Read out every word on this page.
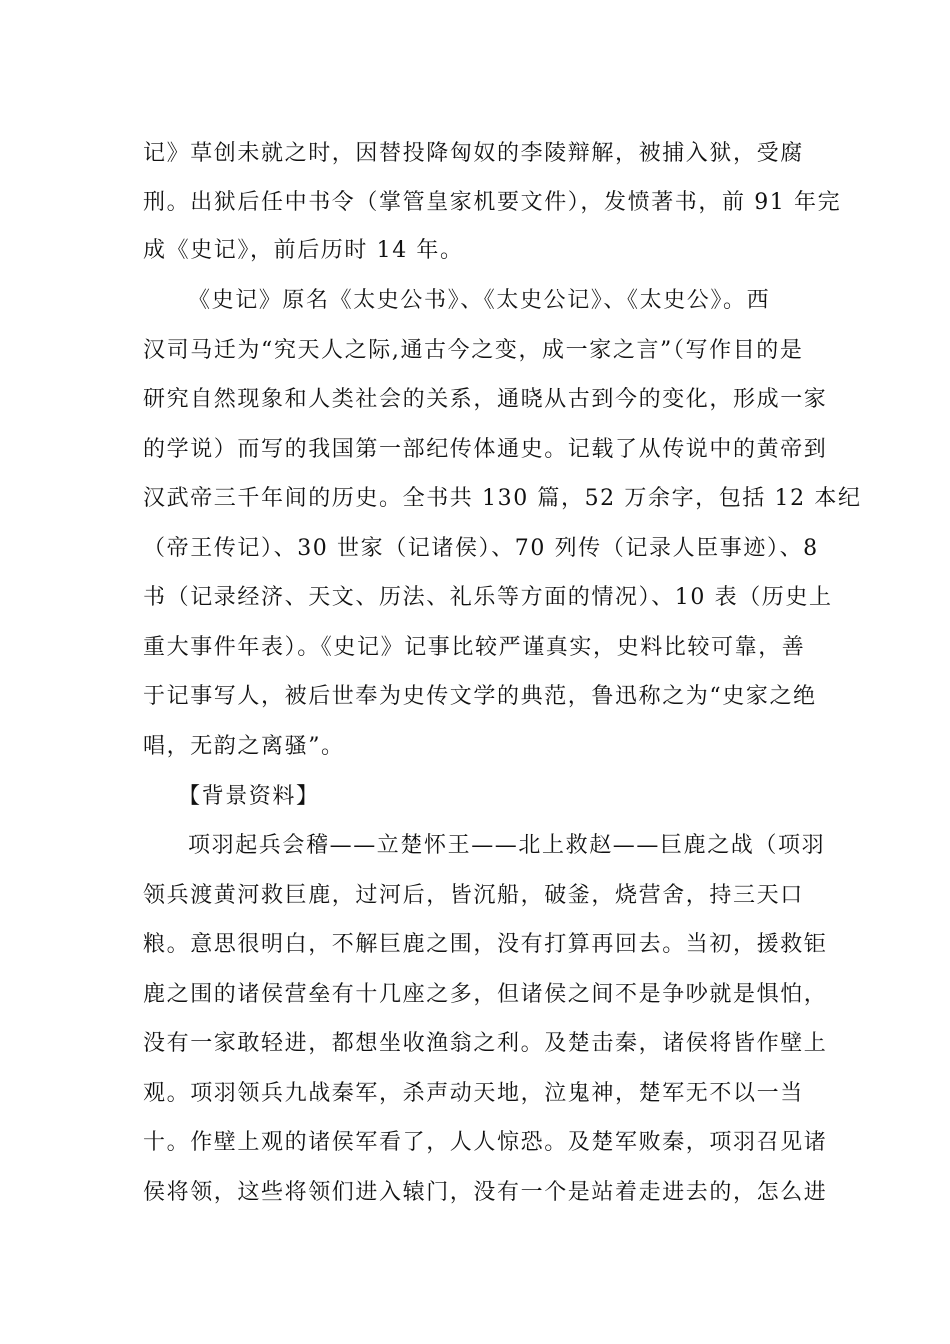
记》草创未就之时，因替投降匈奴的李陵辩解，被捕入狱，受腐
刑。出狱后任中书令（掌管皇家机要文件），发愤著书，前 91 年完
成《史记》，前后历时 14 年。
《史记》原名《太史公书》、《太史公记》、《太史公》。西
汉司马迁为“究天人之际,通古今之变，成一家之言”（写作目的是
研究自然现象和人类社会的关系，通晓从古到今的变化，形成一家
的学说）而写的我国第一部纪传体通史。记载了从传说中的黄帝到
汉武帝三千年间的历史。全书共 130 篇，52 万余字，包括 12 本纪
（帝王传记）、30 世家（记诸侯）、70 列传（记录人臣事迹）、8
书（记录经济、天文、历法、礼乐等方面的情况）、10 表（历史上
重大事件年表）。《史记》记事比较严谨真实，史料比较可靠，善
于记事写人，被后世奉为史传文学的典范，鲁迅称之为“史家之绝
唱，无韵之离骚”。
【背景资料】
项羽起兵会稽——立楚怀王——北上救赵——巨鹿之战（项羽
领兵渡黄河救巨鹿，过河后，皆沉船，破釜，烧营舍，持三天口
粮。意思很明白，不解巨鹿之围，没有打算再回去。当初，援救钜
鹿之围的诸侯营垒有十几座之多，但诸侯之间不是争吵就是惧怕，
没有一家敢轻进，都想坐收渔翁之利。及楚击秦，诸侯将皆作壁上
观。项羽领兵九战秦军，杀声动天地，泣鬼神，楚军无不以一当
十。作壁上观的诸侯军看了，人人惊恐。及楚军败秦，项羽召见诸
侯将领，这些将领们进入辕门，没有一个是站着走进去的，怎么进
